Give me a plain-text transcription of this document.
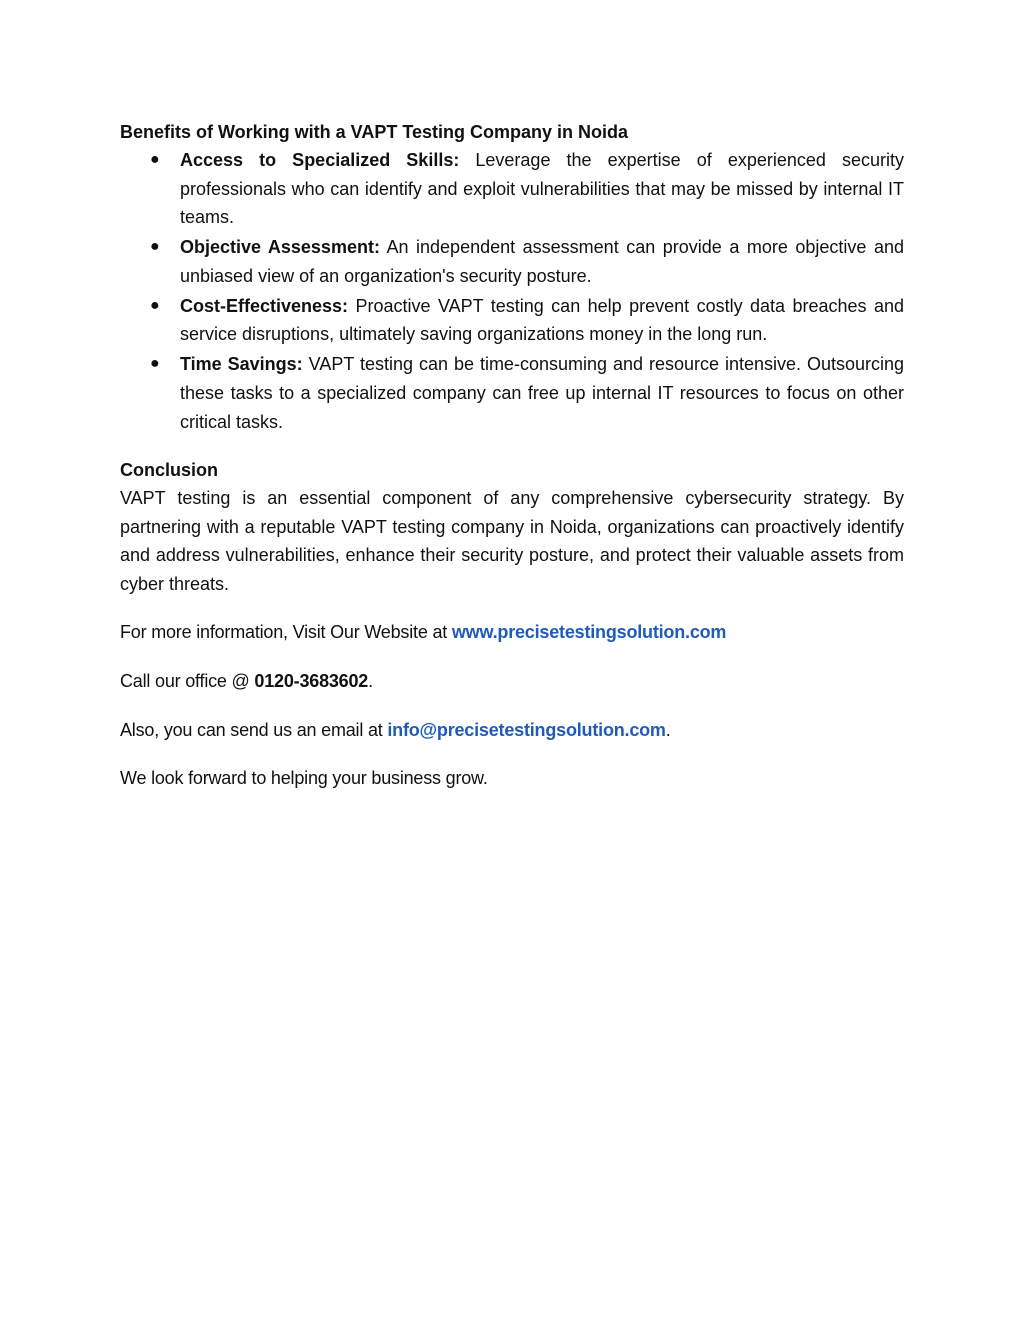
Benefits of Working with a VAPT Testing Company in Noida
● Access to Specialized Skills: Leverage the expertise of experienced security professionals who can identify and exploit vulnerabilities that may be missed by internal IT teams.
● Objective Assessment: An independent assessment can provide a more objective and unbiased view of an organization's security posture.
● Cost-Effectiveness: Proactive VAPT testing can help prevent costly data breaches and service disruptions, ultimately saving organizations money in the long run.
● Time Savings: VAPT testing can be time-consuming and resource intensive. Outsourcing these tasks to a specialized company can free up internal IT resources to focus on other critical tasks.
Conclusion

VAPT testing is an essential component of any comprehensive cybersecurity strategy. By partnering with a reputable VAPT testing company in Noida, organizations can proactively identify and address vulnerabilities, enhance their security posture, and protect their valuable assets from cyber threats.

For more information, Visit Our Website at www.precisetestingsolution.com

Call our office @ 0120-3683602.

Also, you can send us an email at info@precisetestingsolution.com.

We look forward to helping your business grow.
